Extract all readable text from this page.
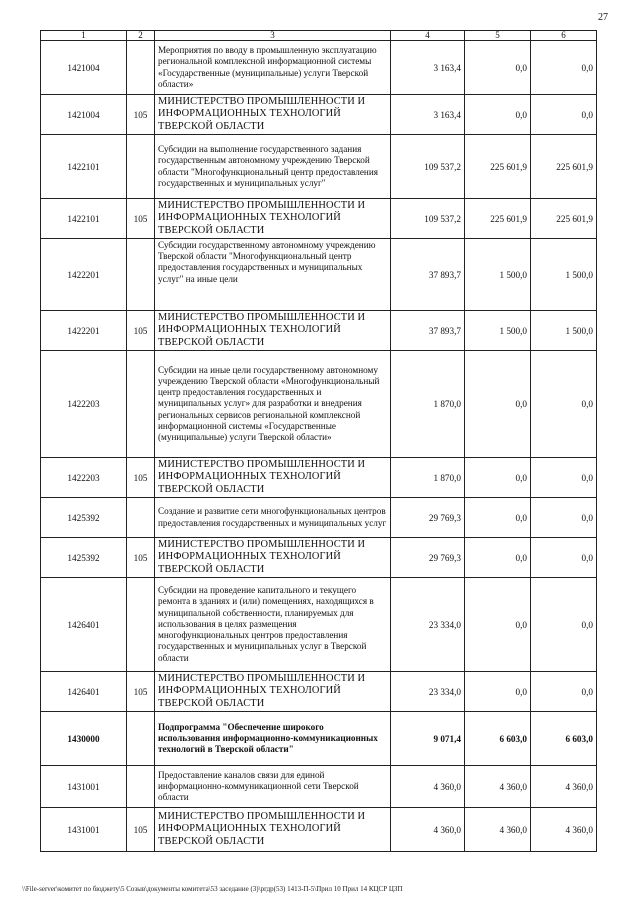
27
1	2	3	4	5	6
1421004		Мероприятия по вводу в промышленную эксплуатацию региональной комплексной информационной системы «Государственные (муниципальные) услуги Тверской области»	3 163,4	0,0	0,0
1421004	105	МИНИСТЕРСТВО ПРОМЫШЛЕННОСТИ И ИНФОРМАЦИОННЫХ ТЕХНОЛОГИЙ ТВЕРСКОЙ ОБЛАСТИ	3 163,4	0,0	0,0
1422101		Субсидии на выполнение государственного задания государственным автономному учреждению Тверской области "Многофункциональный центр предоставления государственных и муниципальных услуг"	109 537,2	225 601,9	225 601,9
1422101	105	МИНИСТЕРСТВО ПРОМЫШЛЕННОСТИ И ИНФОРМАЦИОННЫХ ТЕХНОЛОГИЙ ТВЕРСКОЙ ОБЛАСТИ	109 537,2	225 601,9	225 601,9
1422201		Субсидии государственному автономному учреждению Тверской области "Многофункциональный центр предоставления государственных и муниципальных услуг" на иные цели	37 893,7	1 500,0	1 500,0
1422201	105	МИНИСТЕРСТВО ПРОМЫШЛЕННОСТИ И ИНФОРМАЦИОННЫХ ТЕХНОЛОГИЙ ТВЕРСКОЙ ОБЛАСТИ	37 893,7	1 500,0	1 500,0
1422203		Субсидии на иные цели государственному автономному учреждению Тверской области «Многофункциональный центр предоставления государственных и муниципальных услуг» для разработки и внедрения региональных сервисов региональной комплексной информационной системы «Государственные (муниципальные) услуги Тверской области»	1 870,0	0,0	0,0
1422203	105	МИНИСТЕРСТВО ПРОМЫШЛЕННОСТИ И ИНФОРМАЦИОННЫХ ТЕХНОЛОГИЙ ТВЕРСКОЙ ОБЛАСТИ	1 870,0	0,0	0,0
1425392		Создание и развитие сети многофункциональных центров предоставления государственных и муниципальных услуг	29 769,3	0,0	0,0
1425392	105	МИНИСТЕРСТВО ПРОМЫШЛЕННОСТИ И ИНФОРМАЦИОННЫХ ТЕХНОЛОГИЙ ТВЕРСКОЙ ОБЛАСТИ	29 769,3	0,0	0,0
1426401		Субсидии на проведение капитального и текущего ремонта в зданиях и (или) помещениях, находящихся в муниципальной собственности, планируемых для использования в целях размещения многофункциональных центров предоставления государственных и муниципальных услуг в Тверской области	23 334,0	0,0	0,0
1426401	105	МИНИСТЕРСТВО ПРОМЫШЛЕННОСТИ И ИНФОРМАЦИОННЫХ ТЕХНОЛОГИЙ ТВЕРСКОЙ ОБЛАСТИ	23 334,0	0,0	0,0
1430000		Подпрограмма "Обеспечение широкого использования информационно-коммуникационных технологий в Тверской области"	9 071,4	6 603,0	6 603,0
1431001		Предоставление каналов связи для единой информационно-коммуникационной сети Тверской области	4 360,0	4 360,0	4 360,0
1431001	105	МИНИСТЕРСТВО ПРОМЫШЛЕННОСТИ И ИНФОРМАЦИОННЫХ ТЕХНОЛОГИЙ ТВЕРСКОЙ ОБЛАСТИ	4 360,0	4 360,0	4 360,0
\\File-server\комитет по бюджету\5 Созыв\документы комитета\53 заседание (3)\ргдр(53) 1413-П-5\Прил 10 Прил 14 КЦСР ЦЗП
